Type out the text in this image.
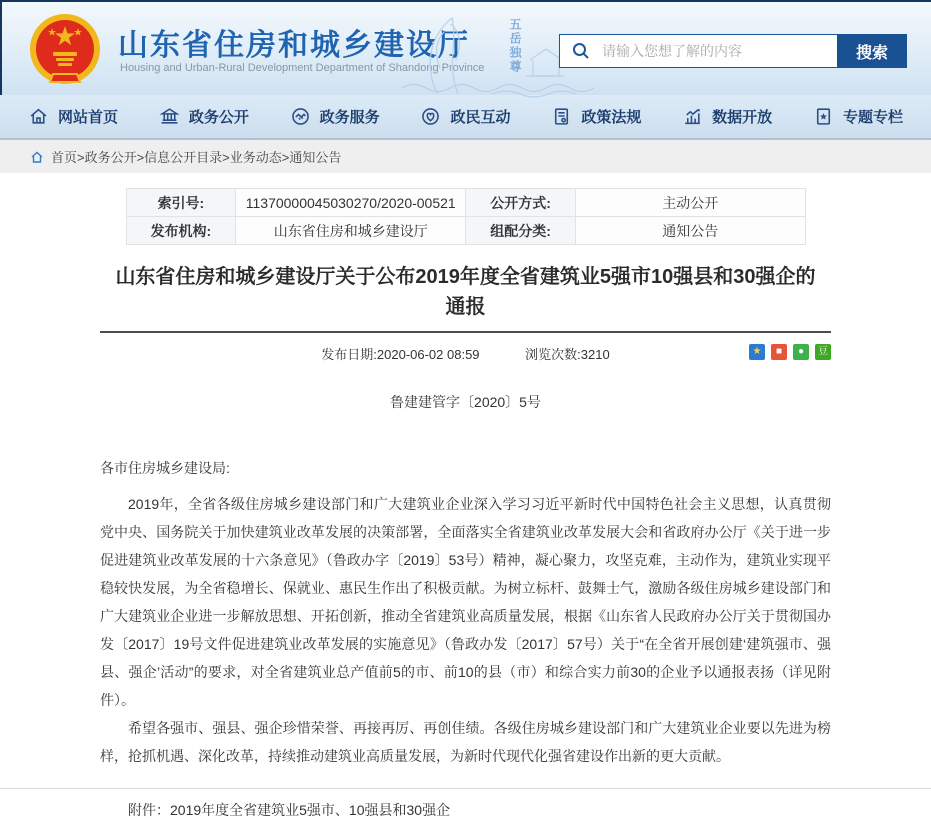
山东省住房和城乡建设厅
Housing and Urban-Rural Development Department of Shandong Province 五岳独尊
请输入您想了解的内容	搜索
网站首页	政务公开	政务服务	政民互动	政策法规	数据开放	专题专栏
首页>政务公开>信息公开目录>业务动态>通知公告
索引号:	11370000045030270/2020-00521	公开方式:	主动公开
发布机构:	山东省住房和城乡建设厅	组配分类:	通知公告
山东省住房和城乡建设厅关于公布2019年度全省建筑业5强市10强县和30强企的通报
发布日期:2020-06-02 08:59	浏览次数:3210	★ ■ ● 豆

鲁建建管字〔2020〕5号

各市住房城乡建设局:

2019年，全省各级住房城乡建设部门和广大建筑业企业深入学习习近平新时代中国特色社会主义思想，认真贯彻党中央、国务院关于加快建筑业改革发展的决策部署，全面落实全省建筑业改革发展大会和省政府办公厅《关于进一步促进建筑业改革发展的十六条意见》（鲁政办字〔2019〕53号）精神，凝心聚力，攻坚克难，主动作为，建筑业实现平稳较快发展，为全省稳增长、保就业、惠民生作出了积极贡献。为树立标杆、鼓舞士气，激励各级住房城乡建设部门和广大建筑业企业进一步解放思想、开拓创新，推动全省建筑业高质量发展，根据《山东省人民政府办公厅关于贯彻国办发〔2017〕19号文件促进建筑业改革发展的实施意见》（鲁政办发〔2017〕57号）关于“在全省开展创建‘建筑强市、强县、强企’活动”的要求，对全省建筑业总产值前5的市、前10的县（市）和综合实力前30的企业予以通报表扬（详见附件）。

希望各强市、强县、强企珍惜荣誉、再接再厉、再创佳绩。各级住房城乡建设部门和广大建筑业企业要以先进为榜样，抢抓机遇、深化改革，持续推动建筑业高质量发展，为新时代现代化强省建设作出新的更大贡献。

附件：2019年度全省建筑业5强市、10强县和30强企
